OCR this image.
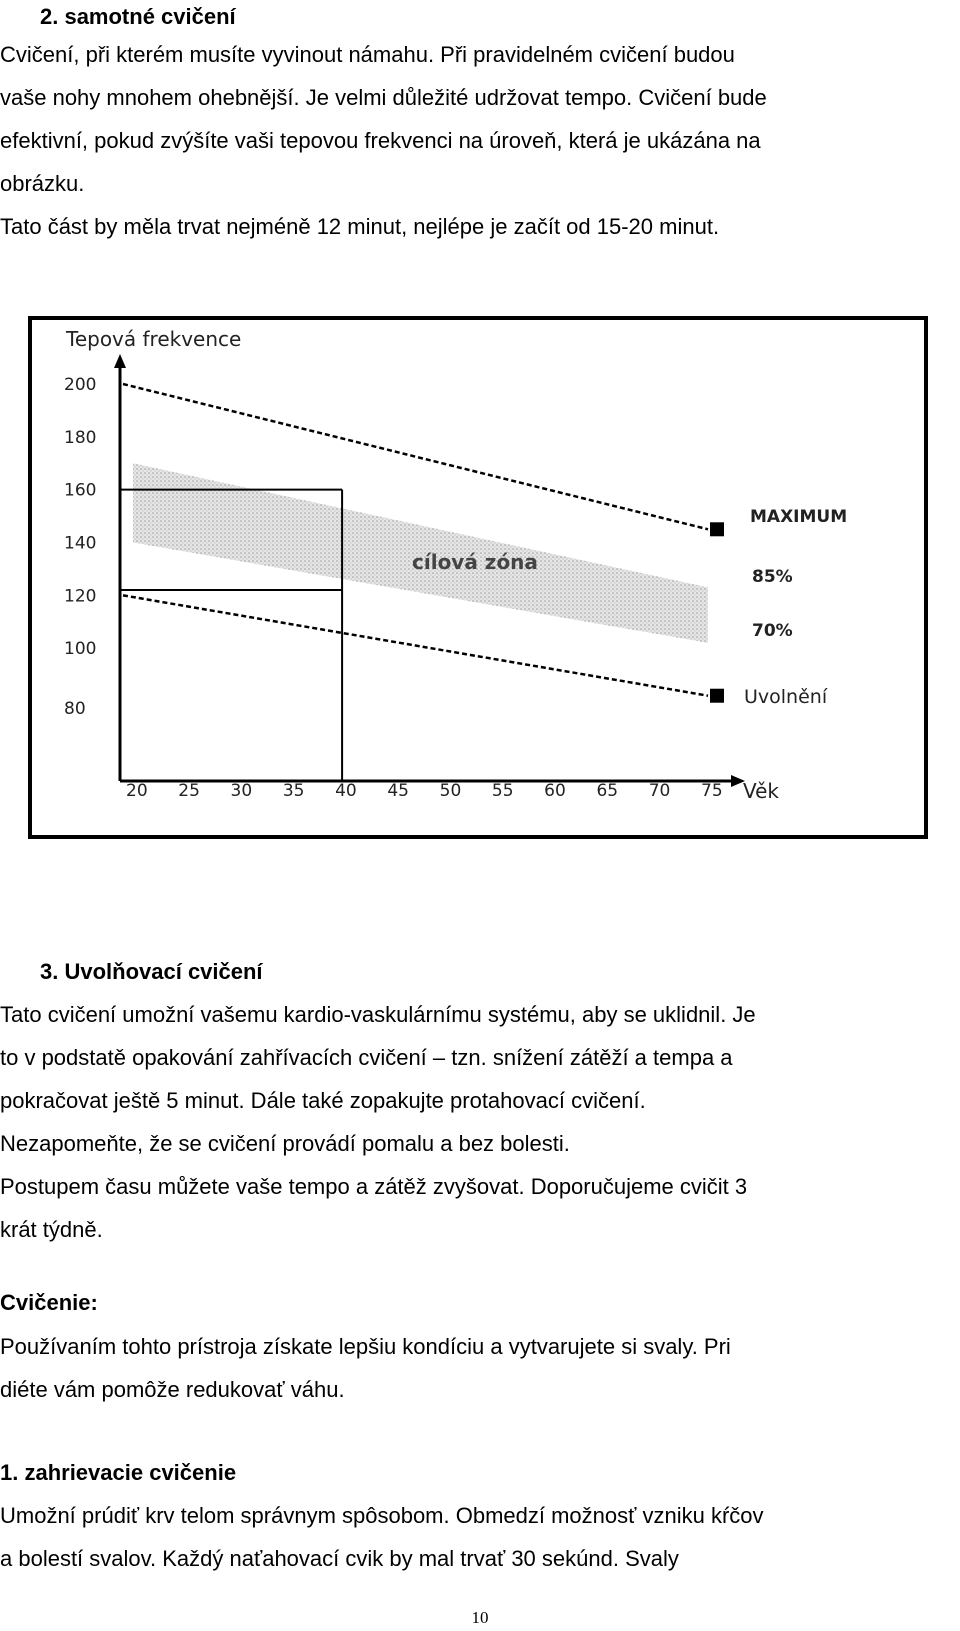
2. samotné cvičení
Cvičení, při kterém musíte vyvinout námahu. Při pravidelném cvičení budou
vaše nohy mnohem ohebnější. Je velmi důležité udržovat tempo. Cvičení bude
efektivní, pokud zvýšíte vaši tepovou frekvenci na úroveň, která je ukázána na
obrázku.
Tato část by měla trvat nejméně 12 minut, nejlépe je začít od 15-20 minut.
200
180
160
140
120
100
80
20 25 30 35 40 45 50 55 60 65 70 75
Tepová frekvence
Věk
MAXIMUM
85%
70%
Uvolnění
cílová zóna
3. Uvolňovací cvičení
Tato cvičení umožní vašemu kardio-vaskulárnímu systému, aby se uklidnil. Je
to v podstatě opakování zahřívacích cvičení – tzn. snížení zátěží a tempa a
pokračovat ještě 5 minut. Dále také zopakujte protahovací cvičení.
Nezapomeňte, že se cvičení provádí pomalu a bez bolesti.
Postupem času můžete vaše tempo a zátěž zvyšovat. Doporučujeme cvičit 3
krát týdně.
Cvičenie:
Používaním tohto prístroja získate lepšiu kondíciu a vytvarujete si svaly. Pri
diéte vám pomôže redukovať váhu.
1. zahrievacie cvičenie
Umožní prúdiť krv telom správnym spôsobom. Obmedzí možnosť vzniku kŕčov
a bolestí svalov. Každý naťahovací cvik by mal trvať 30 sekúnd. Svaly
10
